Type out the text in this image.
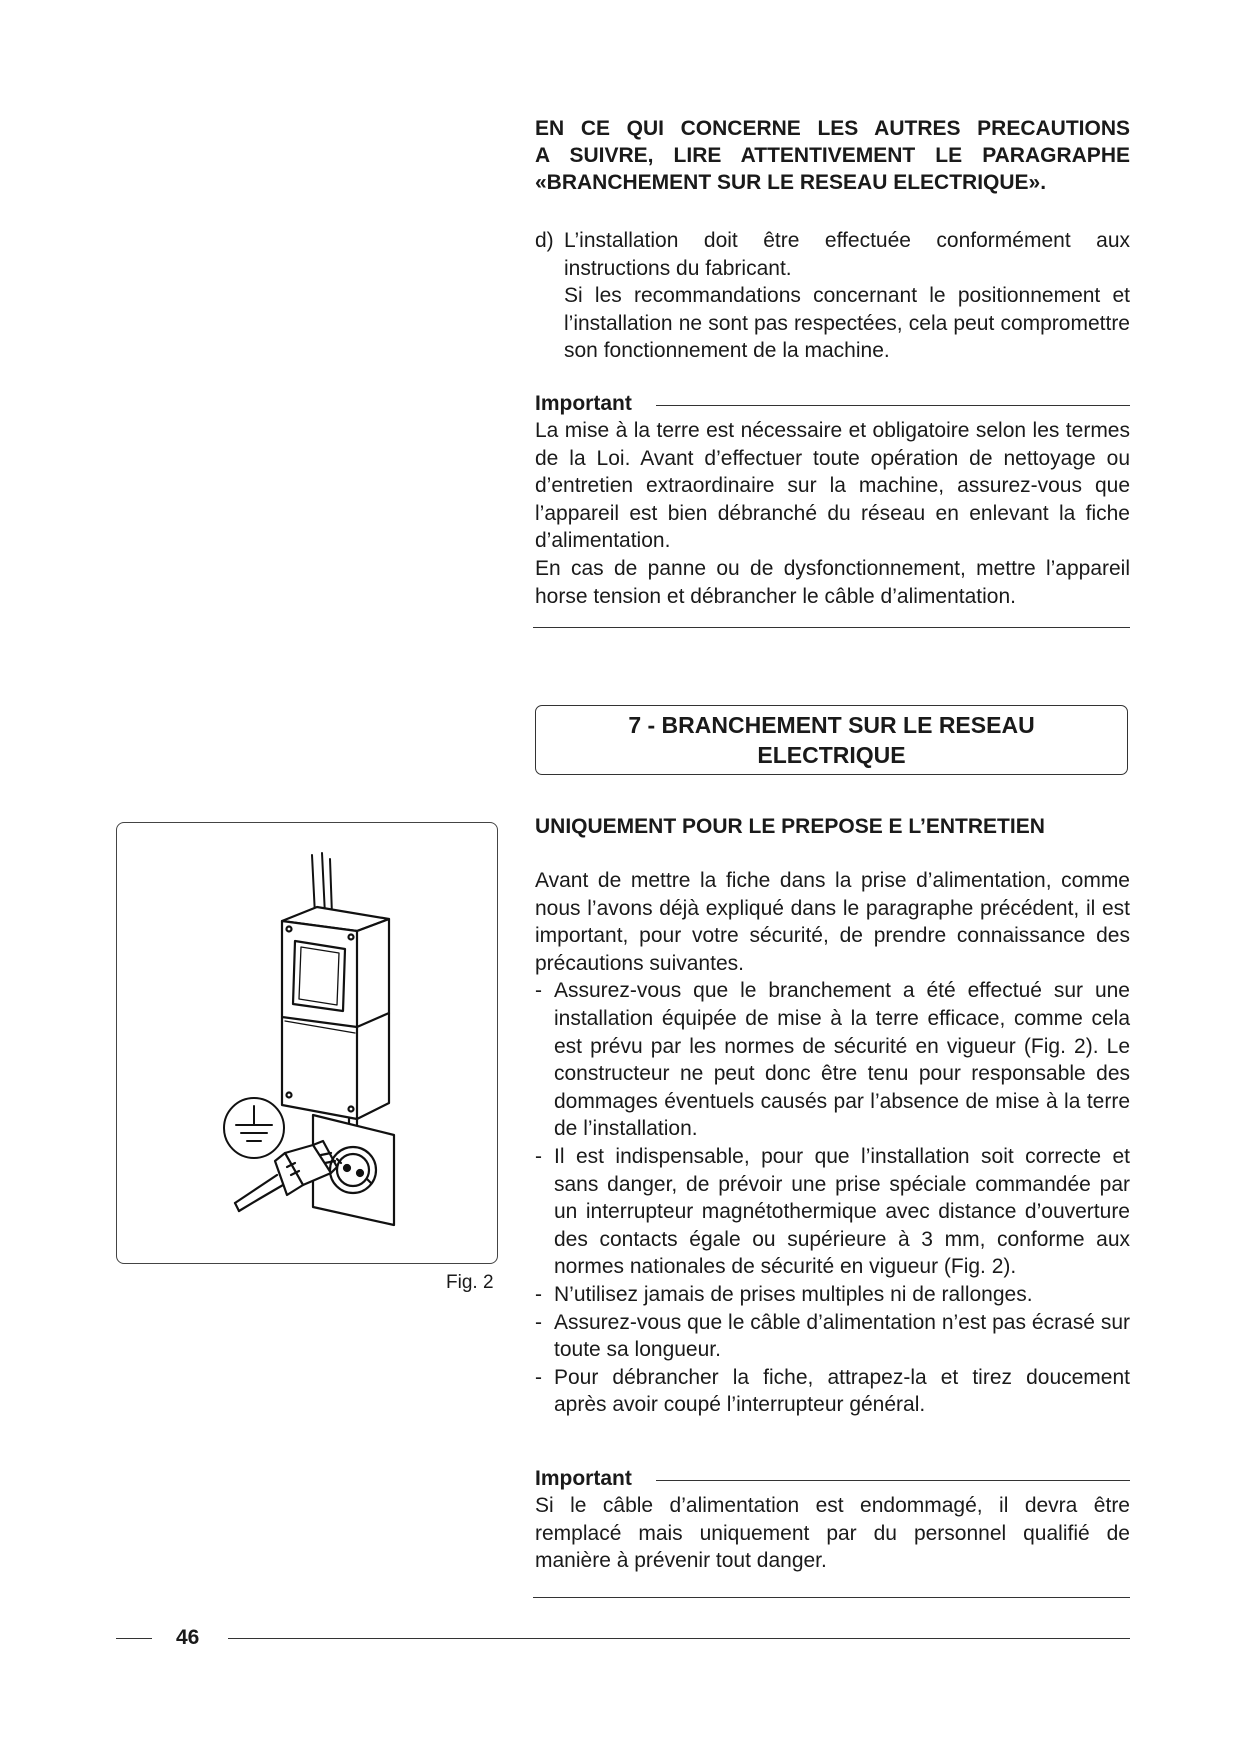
EN CE QUI CONCERNE LES AUTRES PRECAUTIONS

A SUIVRE, LIRE ATTENTIVEMENT LE PARAGRAPHE

«BRANCHEMENT SUR LE RESEAU ELECTRIQUE».

d) L’installation doit être effectuée conformément aux instructions du fabricant.
Si les recommandations concernant le positionnement et l’installation ne sont pas respectées, cela peut compromettre son fonctionnement de la machine.
Important

La mise à la terre est nécessaire et obligatoire selon les termes de la Loi. Avant d’effectuer toute opération de nettoyage ou d’entretien extraordinaire sur la machine, assurez-vous que l’appareil est bien débranché du réseau en enlevant la fiche d’alimentation.

En cas de panne ou de dysfonctionnement, mettre l’appareil horse tension et débrancher le câble d’alimentation.

7 - BRANCHEMENT SUR LE RESEAU
ELECTRIQUE

UNIQUEMENT POUR LE PREPOSE E L’ENTRETIEN

Avant de mettre la fiche dans la prise d’alimentation, comme nous l’avons déjà expliqué dans le paragraphe précédent, il est important, pour votre sécurité, de prendre connaissance des précautions suivantes.

- Assurez-vous que le branchement a été effectué sur une installation équipée de mise à la terre efficace, comme cela est prévu par les normes de sécurité en vigueur (Fig. 2). Le constructeur ne peut donc être tenu pour responsable des dommages éventuels causés par l’absence de mise à la terre de l’installation.
- Il est indispensable, pour que l’installation soit correcte et sans danger, de prévoir une prise spéciale commandée par un interrupteur magnétothermique avec distance d’ouverture des contacts égale ou supérieure à 3 mm, conforme aux normes nationales de sécurité en vigueur (Fig. 2).
- N’utilisez jamais de prises multiples ni de rallonges.
- Assurez-vous que le câble d’alimentation n’est pas écrasé sur toute sa longueur.
- Pour débrancher la fiche, attrapez-la et tirez doucement après avoir coupé l’interrupteur général.
Important

Si le câble d’alimentation est endommagé, il devra être remplacé mais uniquement par du personnel qualifié de manière à prévenir tout danger.

Fig. 2
46
